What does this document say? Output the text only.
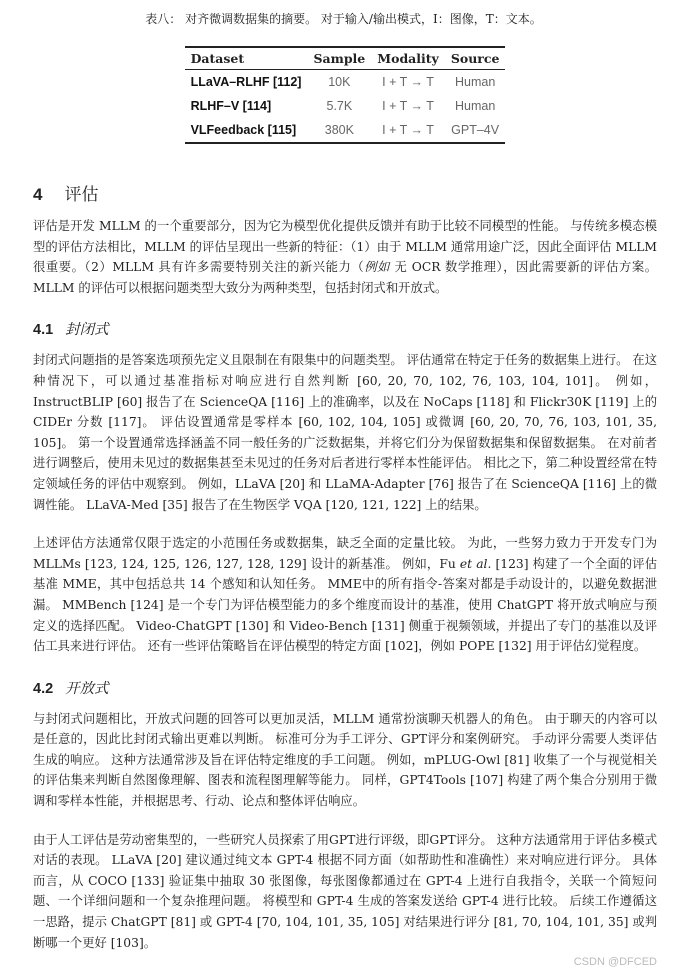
表八： 对齐微调数据集的摘要。 对于输入/输出模式，I：图像，T：文本。
Dataset	Sample	Modality	Source
LLaVA–RLHF [112]	10K	I + T → T	Human
RLHF–V [114]	5.7K	I + T → T	Human
VLFeedback [115]	380K	I + T → T	GPT–4V
4 评估
评估是开发 MLLM 的一个重要部分，因为它为模型优化提供反馈并有助于比较不同模型的性能。 与传统多模态模型的评估方法相比，MLLM 的评估呈现出一些新的特征：（1）由于 MLLM 通常用途广泛，因此全面评估 MLLM 很重要。（2）MLLM 具有许多需要特别关注的新兴能力（例如 无 OCR 数学推理），因此需要新的评估方案。 MLLM 的评估可以根据问题类型大致分为两种类型，包括封闭式和开放式。
4.1 封闭式
封闭式问题指的是答案选项预先定义且限制在有限集中的问题类型。 评估通常在特定于任务的数据集上进行。 在这种情况下，可以通过基准指标对响应进行自然判断 [60, 20, 70, 102, 76, 103, 104, 101]。 例如，InstructBLIP [60] 报告了在 ScienceQA [116] 上的准确率，以及在 NoCaps [118] 和 Flickr30K [119] 上的 CIDEr 分数 [117]。 评估设置通常是零样本 [60, 102, 104, 105] 或微调 [60, 20, 70, 76, 103, 101, 35, 105]。 第一个设置通常选择涵盖不同一般任务的广泛数据集，并将它们分为保留数据集和保留数据集。 在对前者进行调整后，使用未见过的数据集甚至未见过的任务对后者进行零样本性能评估。 相比之下，第二种设置经常在特定领域任务的评估中观察到。 例如，LLaVA [20] 和 LLaMA-Adapter [76] 报告了在 ScienceQA [116] 上的微调性能。 LLaVA-Med [35] 报告了在生物医学 VQA [120, 121, 122] 上的结果。
上述评估方法通常仅限于选定的小范围任务或数据集，缺乏全面的定量比较。 为此，一些努力致力于开发专门为 MLLMs [123, 124, 125, 126, 127, 128, 129] 设计的新基准。 例如，Fu et al. [123] 构建了一个全面的评估基准 MME，其中包括总共 14 个感知和认知任务。 MME中的所有指令-答案对都是手动设计的，以避免数据泄漏。 MMBench [124] 是一个专门为评估模型能力的多个维度而设计的基准，使用 ChatGPT 将开放式响应与预定义的选择匹配。 Video-ChatGPT [130] 和 Video-Bench [131] 侧重于视频领域，并提出了专门的基准以及评估工具来进行评估。 还有一些评估策略旨在评估模型的特定方面 [102]，例如 POPE [132] 用于评估幻觉程度。
4.2 开放式
与封闭式问题相比，开放式问题的回答可以更加灵活，MLLM 通常扮演聊天机器人的角色。 由于聊天的内容可以是任意的，因此比封闭式输出更难以判断。 标准可分为手工评分、GPT评分和案例研究。 手动评分需要人类评估生成的响应。 这种方法通常涉及旨在评估特定维度的手工问题。 例如，mPLUG-Owl [81] 收集了一个与视觉相关的评估集来判断自然图像理解、图表和流程图理解等能力。 同样，GPT4Tools [107] 构建了两个集合分别用于微调和零样本性能，并根据思考、行动、论点和整体评估响应。
由于人工评估是劳动密集型的，一些研究人员探索了用GPT进行评级，即GPT评分。 这种方法通常用于评估多模式对话的表现。 LLaVA [20] 建议通过纯文本 GPT-4 根据不同方面（如帮助性和准确性）来对响应进行评分。 具体而言，从 COCO [133] 验证集中抽取 30 张图像，每张图像都通过在 GPT-4 上进行自我指令，关联一个简短问题、一个详细问题和一个复杂推理问题。 将模型和 GPT-4 生成的答案发送给 GPT-4 进行比较。 后续工作遵循这一思路，提示 ChatGPT [81] 或 GPT-4 [70, 104, 101, 35, 105] 对结果进行评分 [81, 70, 104, 101, 35] 或判断哪一个更好 [103]。
CSDN @DFCED
